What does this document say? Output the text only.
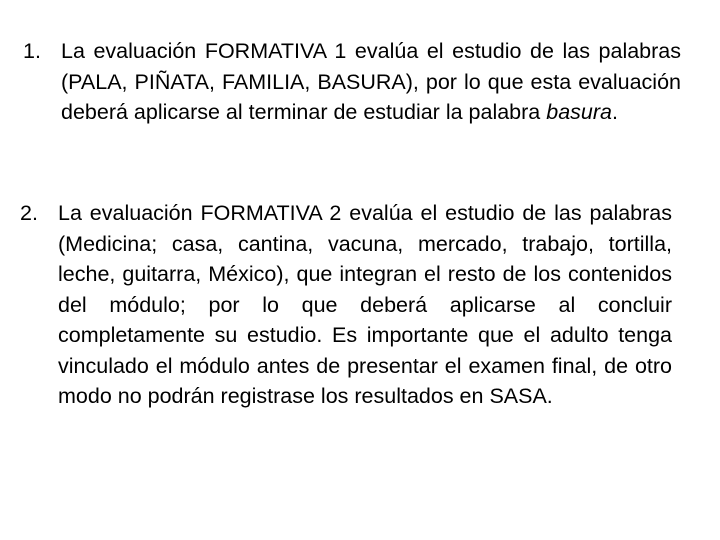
1. La evaluación FORMATIVA 1 evalúa el estudio de las palabras (PALA, PIÑATA, FAMILIA, BASURA), por lo que esta evaluación deberá aplicarse al terminar de estudiar la palabra basura.
2. La evaluación FORMATIVA 2 evalúa el estudio de las palabras (Medicina; casa, cantina, vacuna, mercado, trabajo, tortilla, leche, guitarra, México), que integran el resto de los contenidos del módulo; por lo que deberá aplicarse al concluir completamente su estudio. Es importante que el adulto tenga vinculado el módulo antes de presentar el examen final, de otro modo no podrán registrase los resultados en SASA.
